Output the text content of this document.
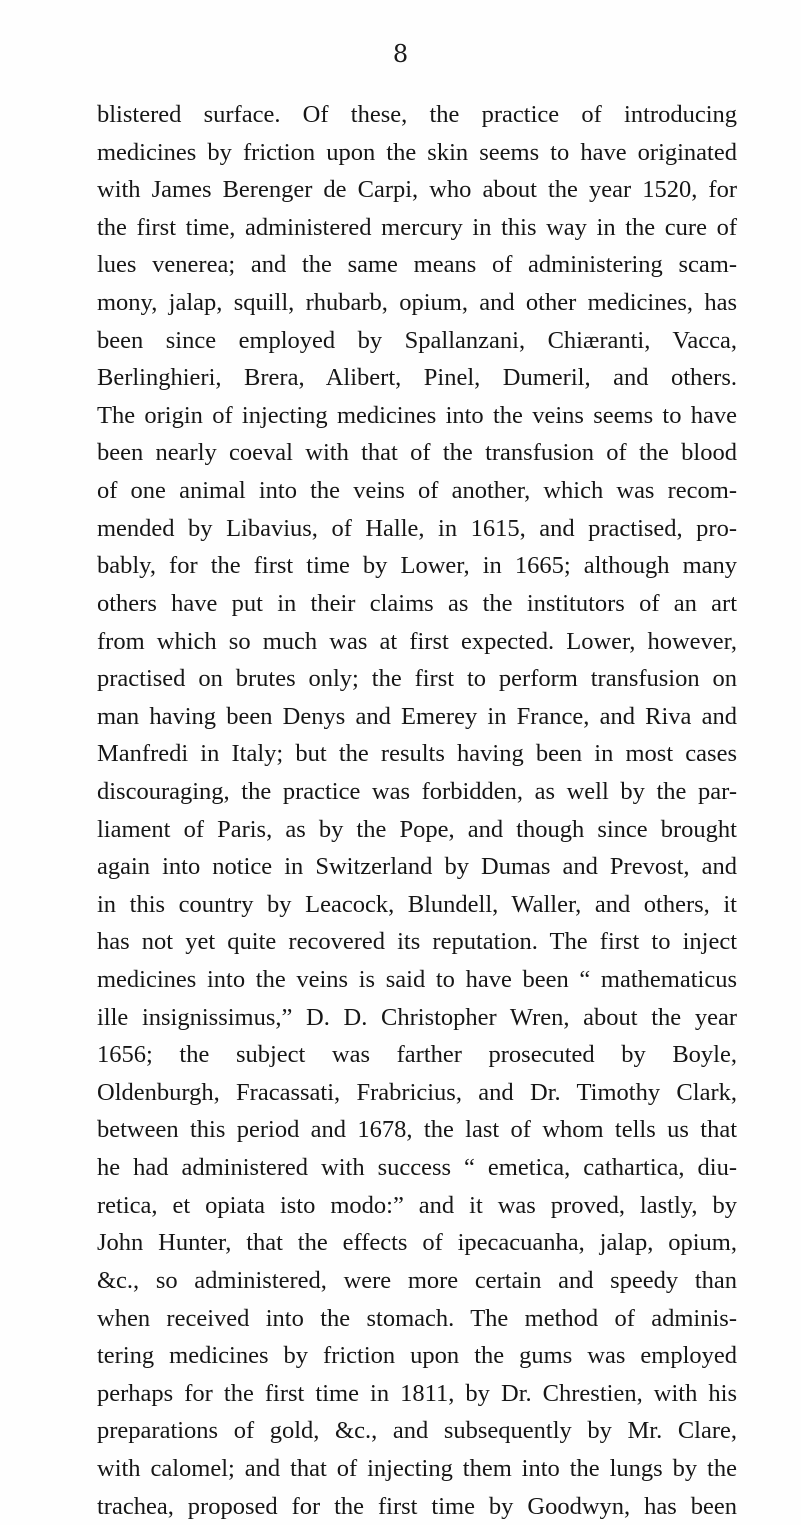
8
blistered surface. Of these, the practice of introducing
medicines by friction upon the skin seems to have originated
with James Berenger de Carpi, who about the year 1520, for
the first time, administered mercury in this way in the cure of
lues venerea; and the same means of administering scam-
mony, jalap, squill, rhubarb, opium, and other medicines, has
been since employed by Spallanzani, Chiæranti, Vacca,
Berlinghieri, Brera, Alibert, Pinel, Dumeril, and others.
The origin of injecting medicines into the veins seems to have
been nearly coeval with that of the transfusion of the blood
of one animal into the veins of another, which was recom-
mended by Libavius, of Halle, in 1615, and practised, pro-
bably, for the first time by Lower, in 1665; although many
others have put in their claims as the institutors of an art
from which so much was at first expected. Lower, however,
practised on brutes only; the first to perform transfusion on
man having been Denys and Emerey in France, and Riva and
Manfredi in Italy; but the results having been in most cases
discouraging, the practice was forbidden, as well by the par-
liament of Paris, as by the Pope, and though since brought
again into notice in Switzerland by Dumas and Prevost, and
in this country by Leacock, Blundell, Waller, and others, it
has not yet quite recovered its reputation. The first to inject
medicines into the veins is said to have been “ mathematicus
ille insignissimus,” D. D. Christopher Wren, about the year
1656; the subject was farther prosecuted by Boyle,
Oldenburgh, Fracassati, Frabricius, and Dr. Timothy Clark,
between this period and 1678, the last of whom tells us that
he had administered with success “ emetica, cathartica, diu-
retica, et opiata isto modo:” and it was proved, lastly, by
John Hunter, that the effects of ipecacuanha, jalap, opium,
&c., so administered, were more certain and speedy than
when received into the stomach. The method of adminis-
tering medicines by friction upon the gums was employed
perhaps for the first time in 1811, by Dr. Chrestien, with his
preparations of gold, &c., and subsequently by Mr. Clare,
with calomel; and that of injecting them into the lungs by the
trachea, proposed for the first time by Goodwyn, has been
